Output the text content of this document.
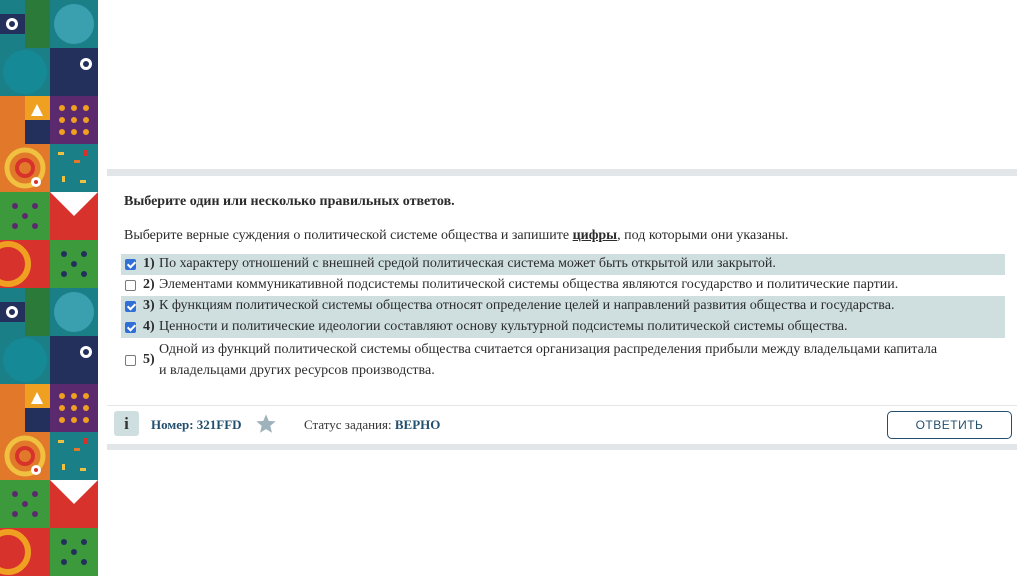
Выберите один или несколько правильных ответов.
Выберите верные суждения о политической системе общества и запишите цифры, под которыми они указаны.
1) По характеру отношений с внешней средой политическая система может быть открытой или закрытой.
2) Элементами коммуникативной подсистемы политической системы общества являются государство и политические партии.
3) К функциям политической системы общества относят определение целей и направлений развития общества и государства.
4) Ценности и политические идеологии составляют основу культурной подсистемы политической системы общества.
5)
Одной из функций политической системы общества считается организация распределения прибыли между владельцами капитала
и владельцами других ресурсов производства.
i	Номер: 321FFD	Статус задания: ВЕРНО	ОТВЕТИТЬ
